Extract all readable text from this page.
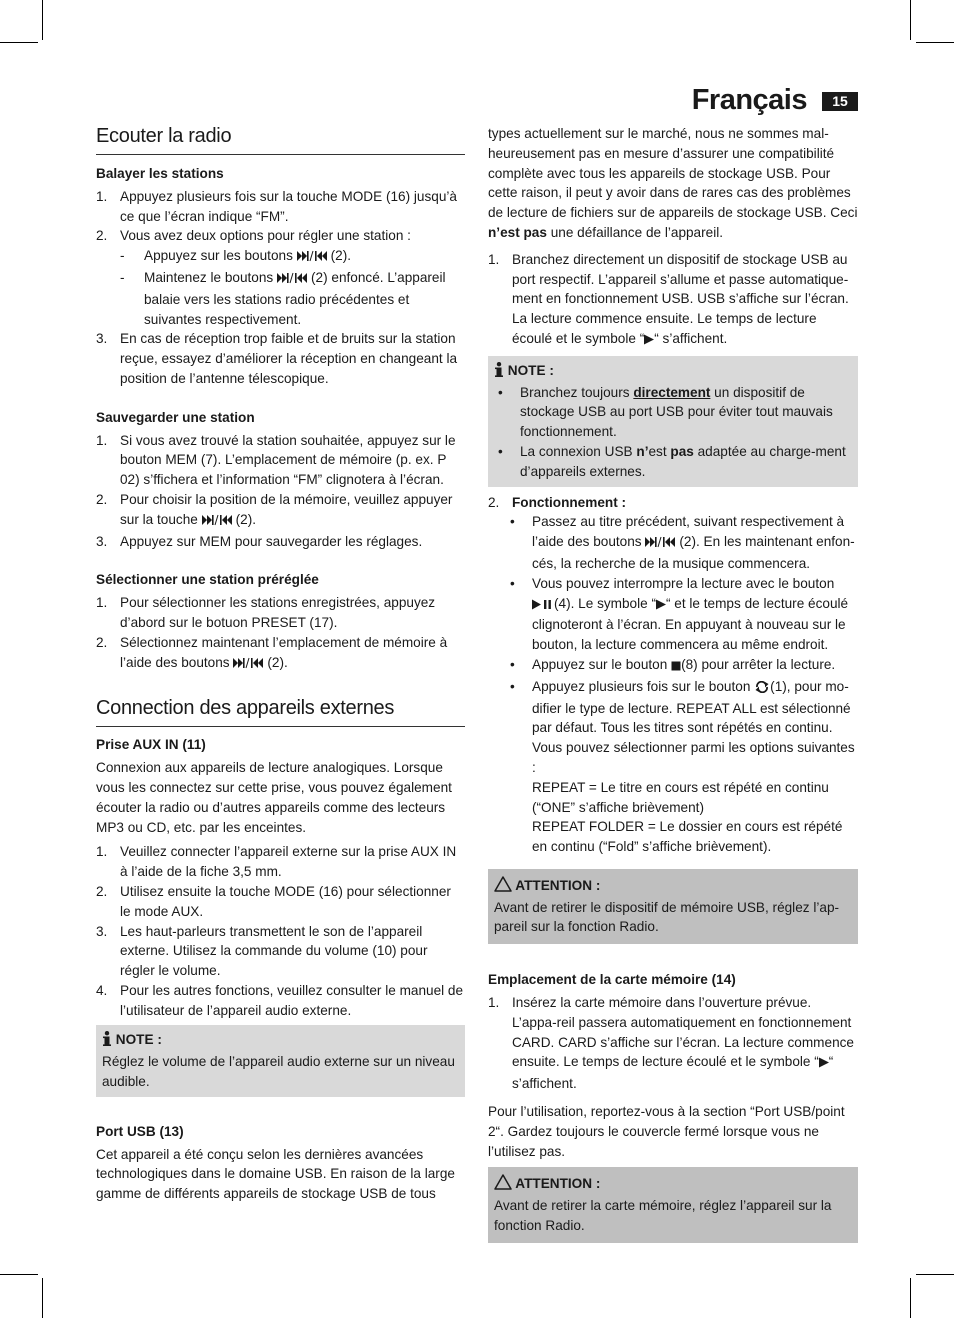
Français	15
Ecouter la radio
Balayer les stations
1. Appuyez plusieurs fois sur la touche MODE (16) jusqu’à ce que l’écran indique “FM”.
2. Vous avez deux options pour régler une station :
- Appuyez sur les boutons	(2).
- Maintenez le boutons	(2) enfoncé. L’appareil balaie vers les stations radio précédentes et suivantes respectivement.
3. En cas de réception trop faible et de bruits sur la station reçue, essayez d’améliorer la réception en changeant la position de l’antenne télescopique.
Sauvegarder une station
1. Si vous avez trouvé la station souhaitée, appuyez sur le bouton MEM (7). L’emplacement de mémoire (p. ex. P 02) s’ffichera et l’information “FM” clignotera à l’écran.
2. Pour choisir la position de la mémoire, veuillez appuyer sur la touche	(2).
3. Appuyez sur MEM pour sauvegarder les réglages.
Sélectionner une station préréglée
1. Pour sélectionner les stations enregistrées, appuyez d’abord sur le botuon PRESET (17).
2. Sélectionnez maintenant l’emplacement de mémoire à l’aide des boutons	(2).
Connection des appareils externes
Prise AUX IN (11)

Connexion aux appareils de lecture analogiques. Lorsque vous les connectez sur cette prise, vous pouvez également écouter la radio ou d’autres appareils comme des lecteurs MP3 ou CD, etc. par les enceintes.

1. Veuillez connecter l’appareil externe sur la prise AUX IN à l’aide de la fiche 3,5 mm.
2. Utilisez ensuite la touche MODE (16) pour sélectionner le mode AUX.
3. Les haut-parleurs transmettent le son de l’appareil externe. Utilisez la commande du volume (10) pour régler le volume.
4. Pour les autres fonctions, veuillez consulter le manuel de l’utilisateur de l’appareil audio externe.
NOTE :
Réglez le volume de l’appareil audio externe sur un niveau audible.
Port USB (13)

Cet appareil a été conçu selon les dernières avancées technologiques dans le domaine USB. En raison de la large gamme de différents appareils de stockage USB de tous

types actuellement sur le marché, nous ne sommes mal-heureusement pas en mesure d’assurer une compatibilité complète avec tous les appareils de stockage USB. Pour cette raison, il peut y avoir dans de rares cas des problèmes de lecture de fichiers sur de appareils de stockage USB. Ceci n’est pas une défaillance de l’appareil.

1. Branchez directement un dispositif de stockage USB au port respectif. L’appareil s’allume et passe automatique-ment en fonctionnement USB. USB s’affiche sur l’écran. La lecture commence ensuite. Le temps de lecture écoulé et le symbole “ “ s’affichent.
NOTE :
• Branchez toujours directement un dispositif de stockage USB au port USB pour éviter tout mauvais fonctionnement.
• La connexion USB n’est pas adaptée au charge-ment d’appareils externes.
2. Fonctionnement :
• Passez au titre précédent, suivant respectivement à l’aide des boutons	(2). En les maintenant enfon-cés, la recherche de la musique commencera.
• Vous pouvez interrompre la lecture avec le bouton (4). Le symbole “ “ et le temps de lecture écoulé clignoteront à l’écran. En appuyant à nouveau sur le bouton, la lecture commencera au même endroit.
• Appuyez sur le bouton (8) pour arrêter la lecture.
• Appuyez plusieurs fois sur le bouton (1), pour mo-difier le type de lecture. REPEAT ALL est sélectionné par défaut. Tous les titres sont répétés en continu.
Vous pouvez sélectionner parmi les options suivantes :
REPEAT = Le titre en cours est répété en continu (“ONE” s’affiche brièvement)
REPEAT FOLDER = Le dossier en cours est répété en continu (“Fold” s’affiche brièvement).
ATTENTION :
Avant de retirer le dispositif de mémoire USB, réglez l’ap-pareil sur la fonction Radio.
Emplacement de la carte mémoire (14)
1. Insérez la carte mémoire dans l’ouverture prévue. L’appa-reil passera automatiquement en fonctionnement CARD. CARD s’affiche sur l’écran. La lecture commence ensuite. Le temps de lecture écoulé et le symbole “ “ s’affichent.

Pour l’utilisation, reportez-vous à la section “Port USB/point 2“. Gardez toujours le couvercle fermé lorsque vous ne l’utilisez pas.

ATTENTION :
Avant de retirer la carte mémoire, réglez l’appareil sur la fonction Radio.
